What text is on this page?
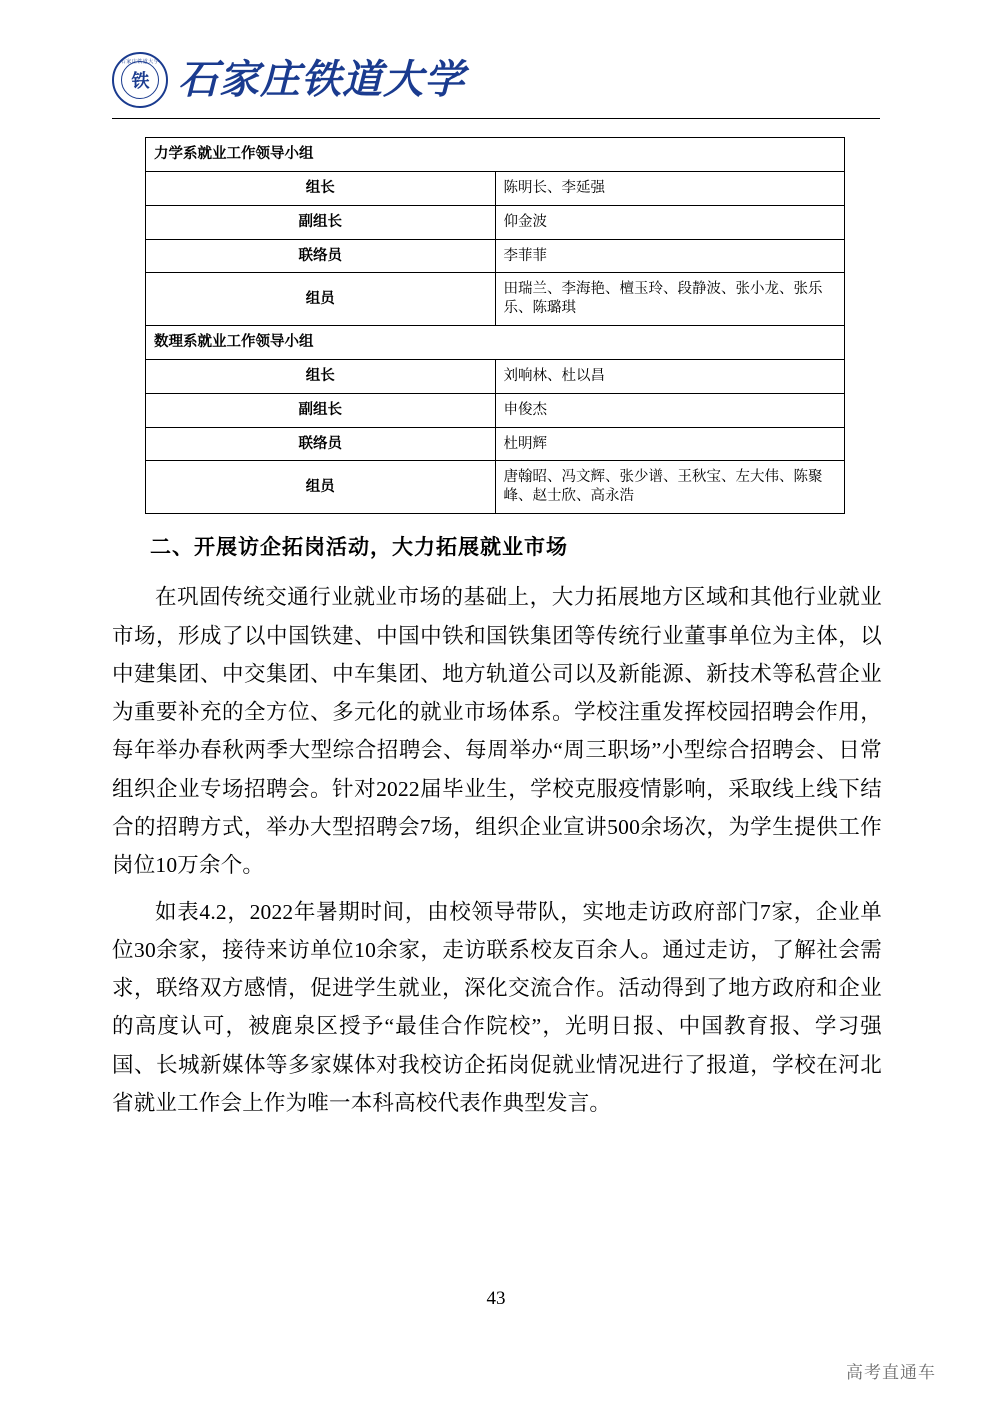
石家庄铁道大学
铁 石家庄铁道大学
力学系就业工作领导小组	
组长	陈明长、李延强
副组长	仰金波
联络员	李菲菲
组员	田瑞兰、李海艳、檀玉玲、段静波、张小龙、张乐乐、陈璐琪
数理系就业工作领导小组	
组长	刘响林、杜以昌
副组长	申俊杰
联络员	杜明辉
组员	唐翰昭、冯文辉、张少谱、王秋宝、左大伟、陈聚峰、赵士欣、高永浩
二、开展访企拓岗活动，大力拓展就业市场

在巩固传统交通行业就业市场的基础上，大力拓展地方区域和其他行业就业市场，形成了以中国铁建、中国中铁和国铁集团等传统行业董事单位为主体，以中建集团、中交集团、中车集团、地方轨道公司以及新能源、新技术等私营企业为重要补充的全方位、多元化的就业市场体系。学校注重发挥校园招聘会作用，每年举办春秋两季大型综合招聘会、每周举办“周三职场”小型综合招聘会、日常组织企业专场招聘会。针对2022届毕业生，学校克服疫情影响，采取线上线下结合的招聘方式，举办大型招聘会7场，组织企业宣讲500余场次，为学生提供工作岗位10万余个。

如表4.2，2022年暑期时间，由校领导带队，实地走访政府部门7家，企业单位30余家，接待来访单位10余家，走访联系校友百余人。通过走访，了解社会需求，联络双方感情，促进学生就业，深化交流合作。活动得到了地方政府和企业的高度认可，被鹿泉区授予“最佳合作院校”，光明日报、中国教育报、学习强国、长城新媒体等多家媒体对我校访企拓岗促就业情况进行了报道，学校在河北省就业工作会上作为唯一本科高校代表作典型发言。

43
高考直通车
